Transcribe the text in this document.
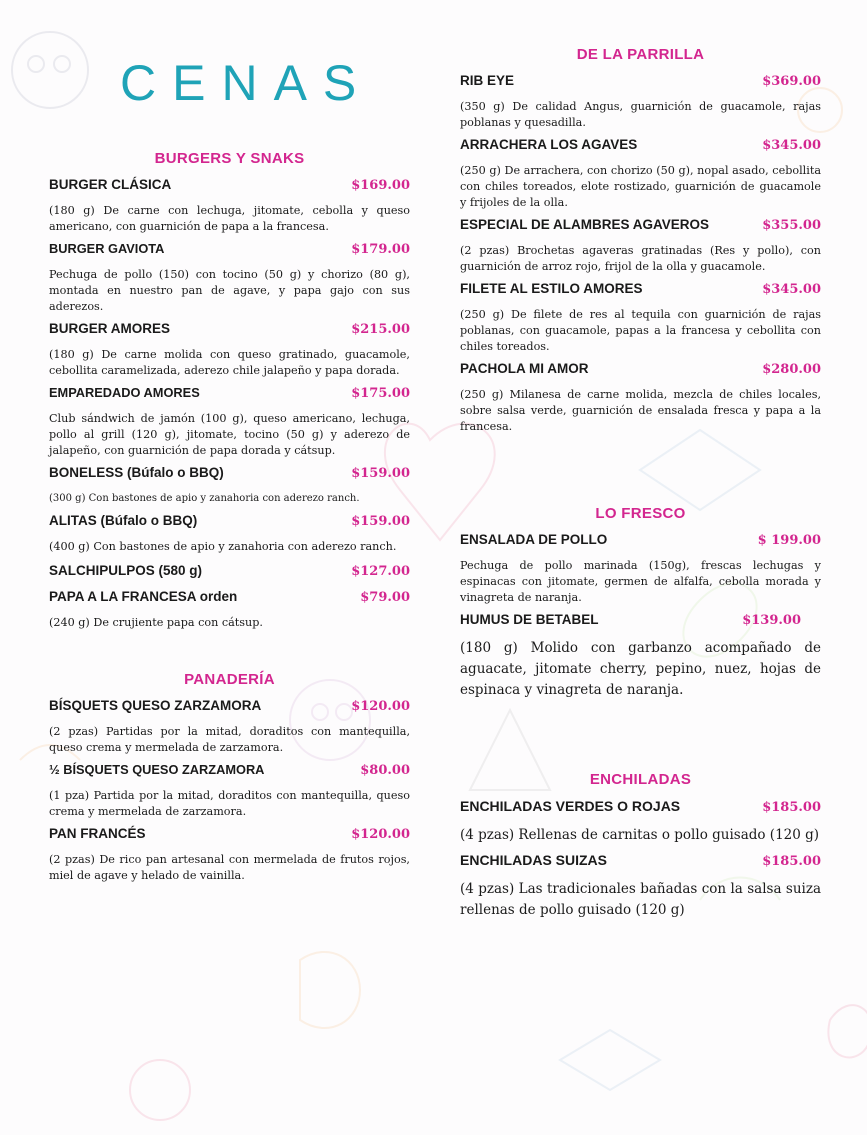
CENAS
BURGERS Y SNAKS
BURGER CLÁSICA	$169.00
(180 g) De carne con lechuga, jitomate, cebolla y queso americano, con guarnición de papa a la francesa.
BURGER GAVIOTA	$179.00
Pechuga de pollo (150) con tocino (50 g) y chorizo (80 g), montada en nuestro pan de agave, y papa gajo con sus aderezos.
BURGER AMORES	$215.00
(180 g) De carne molida con queso gratinado, guacamole, cebollita caramelizada, aderezo chile jalapeño y papa dorada.
EMPAREDADO AMORES	$175.00
Club sándwich de jamón (100 g), queso americano, lechuga, pollo al grill (120 g), jitomate, tocino (50 g) y aderezo de jalapeño, con guarnición de papa dorada y cátsup.
BONELESS (Búfalo o BBQ)	$159.00
(300 g) Con bastones de apio y zanahoria con aderezo ranch.
ALITAS (Búfalo o BBQ)	$159.00
(400 g) Con bastones de apio y zanahoria con aderezo ranch.
SALCHIPULPOS (580 g)	$127.00
PAPA A LA FRANCESA orden	$79.00
(240 g) De crujiente papa con cátsup.
PANADERÍA
BÍSQUETS QUESO ZARZAMORA	$120.00
(2 pzas) Partidas por la mitad, doraditos con mantequilla, queso crema y mermelada de zarzamora.
½ BÍSQUETS QUESO ZARZAMORA	$80.00
(1 pza) Partida por la mitad, doraditos con mantequilla, queso crema y mermelada de zarzamora.
PAN FRANCÉS	$120.00
(2 pzas) De rico pan artesanal con mermelada de frutos rojos, miel de agave y helado de vainilla.
DE LA PARRILLA
RIB EYE	$369.00
(350 g) De calidad Angus, guarnición de guacamole, rajas poblanas y quesadilla.
ARRACHERA LOS AGAVES	$345.00
(250 g) De arrachera, con chorizo (50 g), nopal asado, cebollita con chiles toreados, elote rostizado, guarnición de guacamole y frijoles de la olla.
ESPECIAL DE ALAMBRES AGAVEROS	$355.00
(2 pzas) Brochetas agaveras gratinadas (Res y pollo), con guarnición de arroz rojo, frijol de la olla y guacamole.
FILETE AL ESTILO AMORES	$345.00
(250 g) De filete de res al tequila con guarnición de rajas poblanas, con guacamole, papas a la francesa y cebollita con chiles toreados.
PACHOLA MI AMOR	$280.00
(250 g) Milanesa de carne molida, mezcla de chiles locales, sobre salsa verde, guarnición de ensalada fresca y papa a la francesa.
LO FRESCO
ENSALADA DE POLLO	$ 199.00
Pechuga de pollo marinada (150g), frescas lechugas y espinacas con jitomate, germen de alfalfa, cebolla morada y vinagreta de naranja.
HUMUS DE BETABEL	$139.00
(180 g) Molido con garbanzo acompañado de aguacate, jitomate cherry, pepino, nuez, hojas de espinaca y vinagreta de naranja.
ENCHILADAS
ENCHILADAS VERDES O ROJAS	$185.00
(4 pzas) Rellenas de carnitas o pollo guisado (120 g)
ENCHILADAS SUIZAS	$185.00
(4 pzas) Las tradicionales bañadas con la salsa suiza rellenas de pollo guisado (120 g)
